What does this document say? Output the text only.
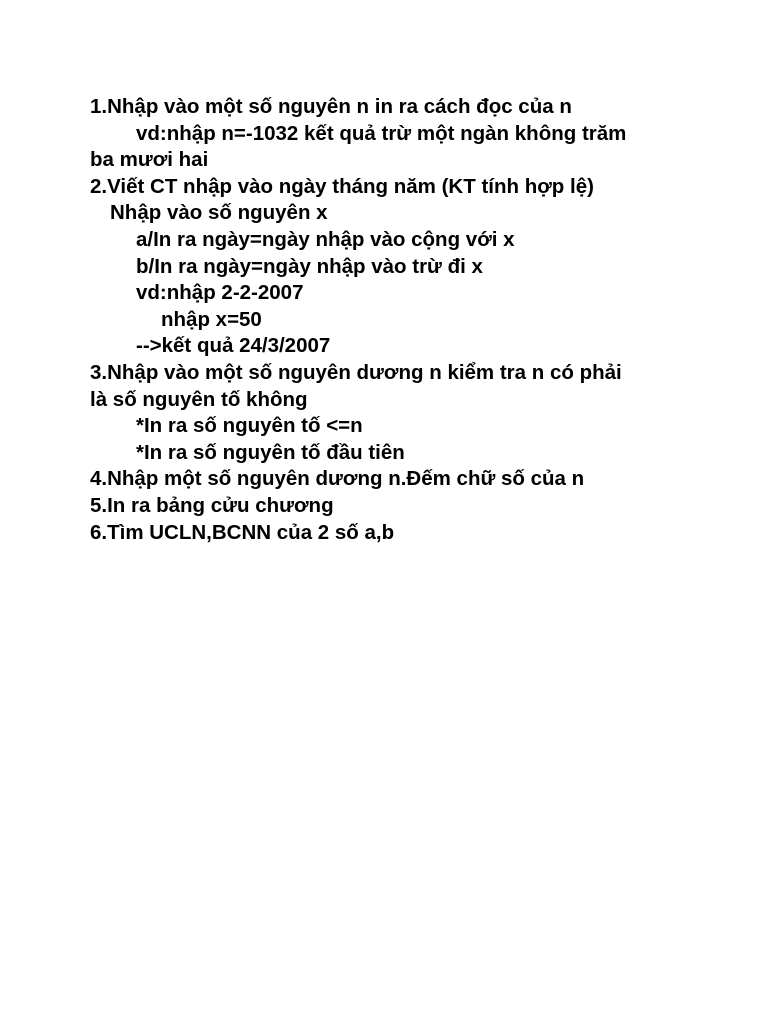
1.Nhập vào một số nguyên n in ra cách đọc của n
vd:nhập n=-1032 kết quả trừ một ngàn không trăm
ba mươi hai
2.Viết CT nhập vào ngày tháng năm (KT tính hợp lệ)
Nhập vào số nguyên x
a/In ra ngày=ngày nhập vào cộng với x
b/In ra ngày=ngày nhập vào trừ đi x
vd:nhập 2-2-2007
nhập x=50
-->kết quả 24/3/2007
3.Nhập vào một số nguyên dương n kiểm tra n có phải
là số nguyên tố không
*In ra số nguyên tố <=n
*In ra số nguyên tố đầu tiên
4.Nhập một số nguyên dương n.Đếm chữ số của n
5.In ra bảng cửu chương
6.Tìm UCLN,BCNN của 2 số a,b
